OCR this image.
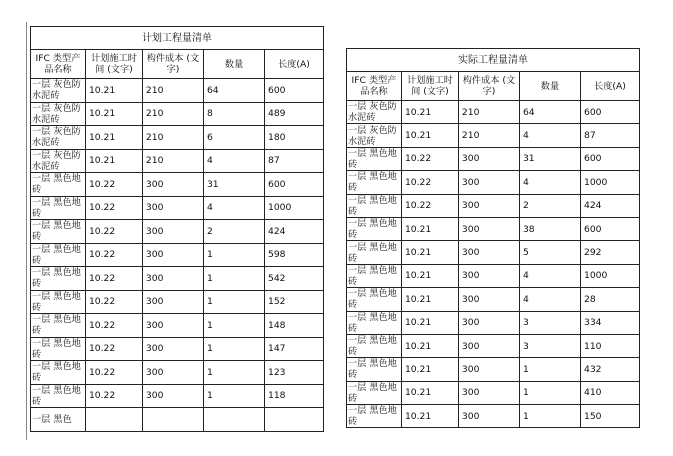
计划工程量清单				
IFC 类型产品名称	计划施工时间 (文字)	构件成本 (文字)	数量	长度(A)
一层 灰色防水泥砖	10.21	210	64	600
一层 灰色防水泥砖	10.21	210	8	489
一层 灰色防水泥砖	10.21	210	6	180
一层 灰色防水泥砖	10.21	210	4	87
一层 黑色地砖	10.22	300	31	600
一层 黑色地砖	10.22	300	4	1000
一层 黑色地砖	10.22	300	2	424
一层 黑色地砖	10.22	300	1	598
一层 黑色地砖	10.22	300	1	542
一层 黑色地砖	10.22	300	1	152
一层 黑色地砖	10.22	300	1	148
一层 黑色地砖	10.22	300	1	147
一层 黑色地砖	10.22	300	1	123
一层 黑色地砖	10.22	300	1	118
一层 黑色				
实际工程量清单				
IFC 类型产品名称	计划施工时间 (文字)	构件成本 (文字)	数量	长度(A)
一层 灰色防水泥砖	10.21	210	64	600
一层 灰色防水泥砖	10.21	210	4	87
一层 黑色地砖	10.22	300	31	600
一层 黑色地砖	10.22	300	4	1000
一层 黑色地砖	10.22	300	2	424
一层 黑色地砖	10.21	300	38	600
一层 黑色地砖	10.21	300	5	292
一层 黑色地砖	10.21	300	4	1000
一层 黑色地砖	10.21	300	4	28
一层 黑色地砖	10.21	300	3	334
一层 黑色地砖	10.21	300	3	110
一层 黑色地砖	10.21	300	1	432
一层 黑色地砖	10.21	300	1	410
一层 黑色地砖	10.21	300	1	150
